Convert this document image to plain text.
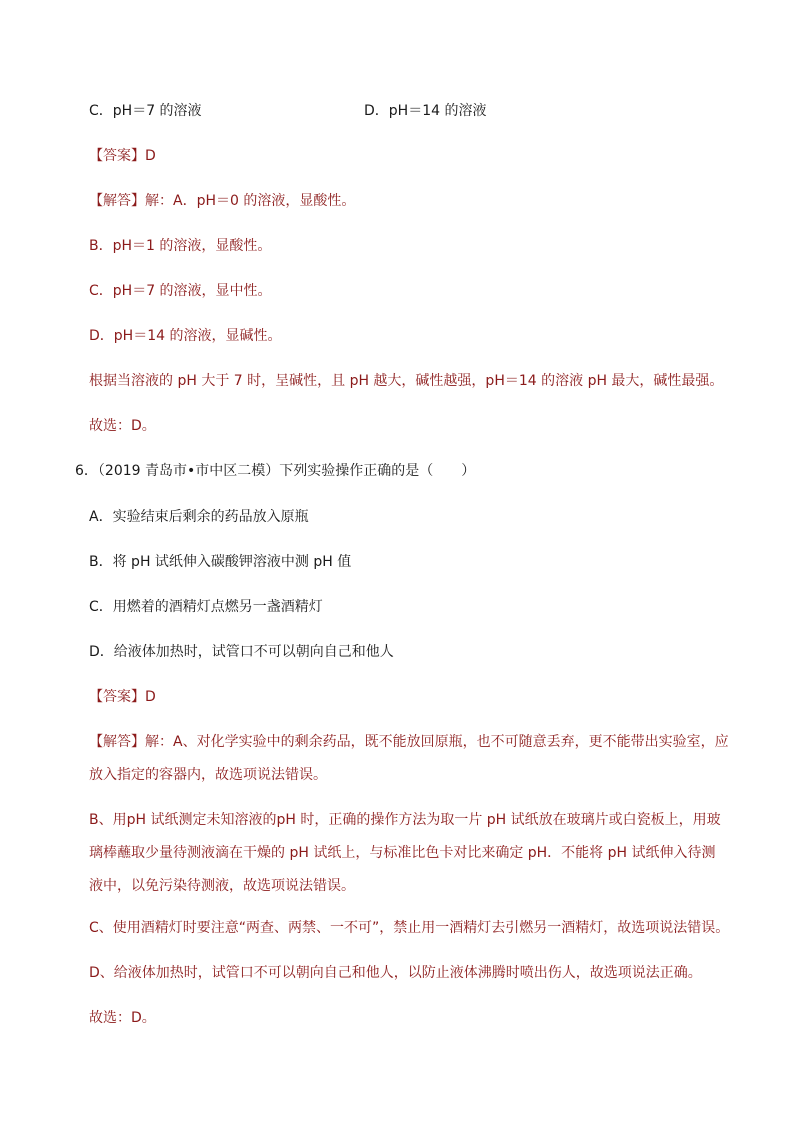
C．pH＝7 的溶液	D．pH＝14 的溶液
【答案】D
【解答】解：A．pH＝0 的溶液，显酸性。
B．pH＝1 的溶液，显酸性。
C．pH＝7 的溶液，显中性。
D．pH＝14 的溶液，显碱性。
根据当溶液的 pH 大于 7 时，呈碱性，且 pH 越大，碱性越强，pH＝14 的溶液 pH 最大，碱性最强。
故选：D。
6．（2019 青岛市•市中区二模）下列实验操作正确的是（　　）
A．实验结束后剩余的药品放入原瓶
B．将 pH 试纸伸入碳酸钾溶液中测 pH 值
C．用燃着的酒精灯点燃另一盏酒精灯
D．给液体加热时，试管口不可以朝向自己和他人
【答案】D
【解答】解：A、对化学实验中的剩余药品，既不能放回原瓶，也不可随意丢弃，更不能带出实验室，应放入指定的容器内，故选项说法错误。
B、用pH 试纸测定未知溶液的pH 时，正确的操作方法为取一片 pH 试纸放在玻璃片或白瓷板上，用玻璃棒蘸取少量待测液滴在干燥的 pH 试纸上，与标准比色卡对比来确定 pH．不能将 pH 试纸伸入待测液中，以免污染待测液，故选项说法错误。
C、使用酒精灯时要注意“两查、两禁、一不可”，禁止用一酒精灯去引燃另一酒精灯，故选项说法错误。
D、给液体加热时，试管口不可以朝向自己和他人，以防止液体沸腾时喷出伤人，故选项说法正确。
故选：D。
